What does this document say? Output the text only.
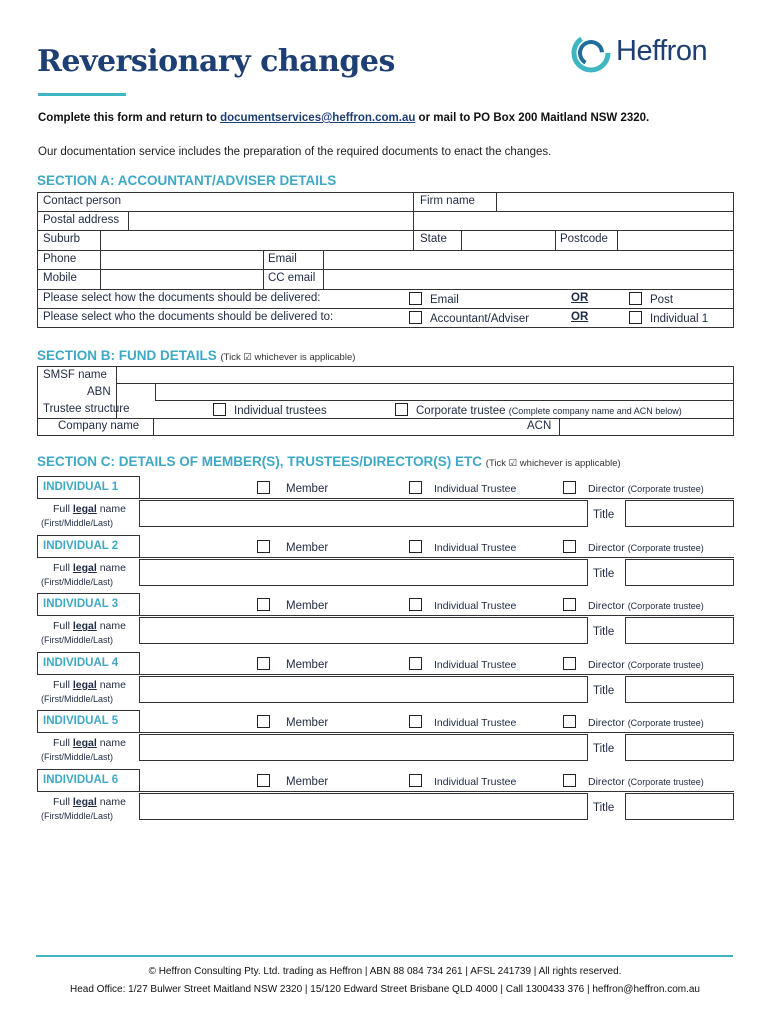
Reversionary changes	Heffron
Complete this form and return to documentservices@heffron.com.au or mail to PO Box 200 Maitland NSW 2320.
Our documentation service includes the preparation of the required documents to enact the changes.
SECTION A: ACCOUNTANT/ADVISER DETAILS
Contact person	Firm name
Postal address
Suburb	State	Postcode
Phone	Email
Mobile	CC email
Please select how the documents should be delivered:	Email	OR	Post
Please select who the documents should be delivered to:	Accountant/Adviser	OR	Individual 1
SECTION B: FUND DETAILS (Tick ☑ whichever is applicable)
SMSF name
ABN
Trustee structure	Individual trustees	Corporate trustee (Complete company name and ACN below)
Company name	ACN
SECTION C: DETAILS OF MEMBER(S), TRUSTEES/DIRECTOR(S) ETC (Tick ☑ whichever is applicable)
INDIVIDUAL 1	Member	Individual Trustee	Director (Corporate trustee)
Full legal name
(First/Middle/Last)
Title
INDIVIDUAL 2	Member	Individual Trustee	Director (Corporate trustee)
Full legal name
(First/Middle/Last)
Title
INDIVIDUAL 3	Member	Individual Trustee	Director (Corporate trustee)
Full legal name
(First/Middle/Last)
Title
INDIVIDUAL 4	Member	Individual Trustee	Director (Corporate trustee)
Full legal name
(First/Middle/Last)
Title
INDIVIDUAL 5	Member	Individual Trustee	Director (Corporate trustee)
Full legal name
(First/Middle/Last)
Title
INDIVIDUAL 6	Member	Individual Trustee	Director (Corporate trustee)
Full legal name
(First/Middle/Last)
Title
© Heffron Consulting Pty. Ltd. trading as Heffron | ABN 88 084 734 261 | AFSL 241739 | All rights reserved.
Head Office: 1/27 Bulwer Street Maitland NSW 2320 | 15/120 Edward Street Brisbane QLD 4000 | Call 1300433 376 | heffron@heffron.com.au
